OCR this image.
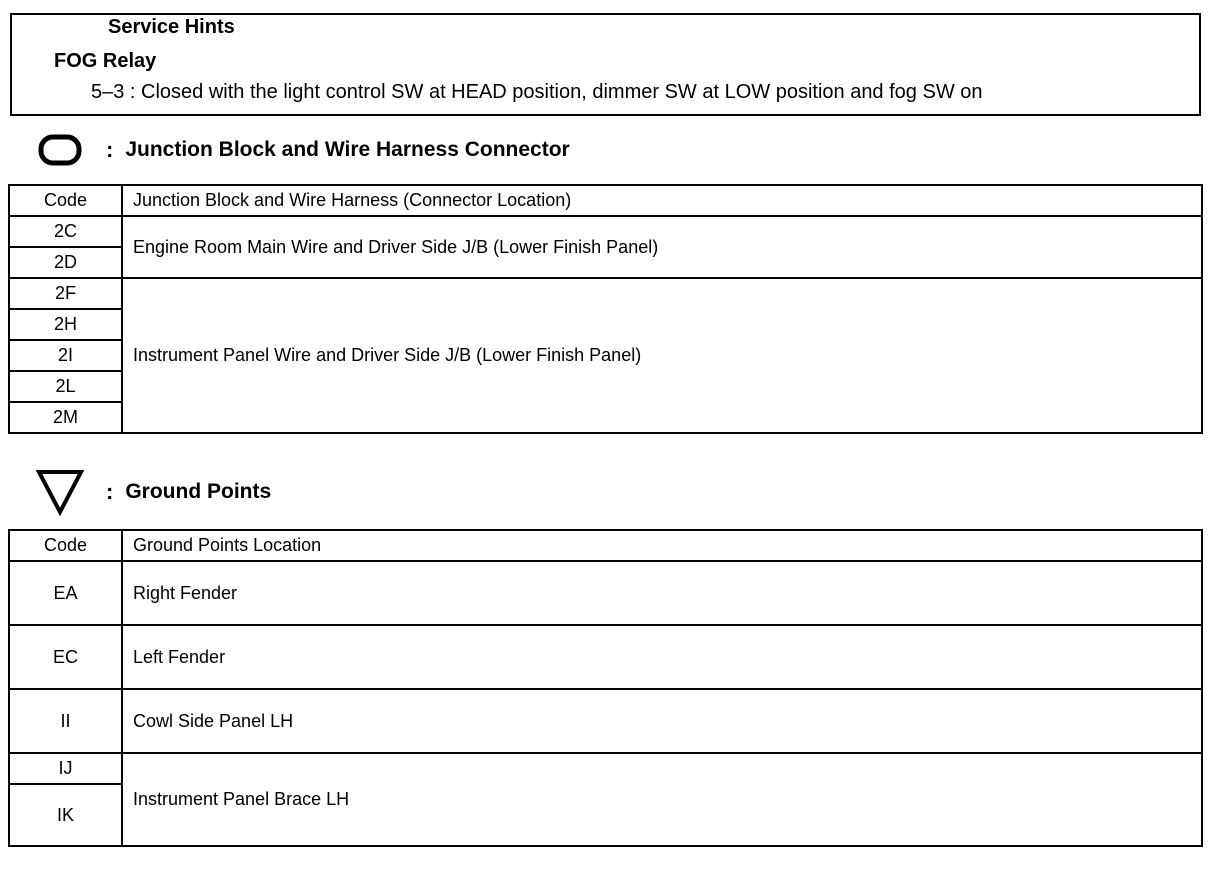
Service Hints
FOG Relay
5–3 : Closed with the light control SW at HEAD position, dimmer SW at LOW position and fog SW on
: Junction Block and Wire Harness Connector
Code	Junction Block and Wire Harness (Connector Location)
2C	Engine Room Main Wire and Driver Side J/B (Lower Finish Panel)
2D	
2F	Instrument Panel Wire and Driver Side J/B (Lower Finish Panel)
2H	
2I	
2L	
2M	
: Ground Points
Code	Ground Points Location
EA	Right Fender
EC	Left Fender
II	Cowl Side Panel LH
IJ	Instrument Panel Brace LH
IK	
